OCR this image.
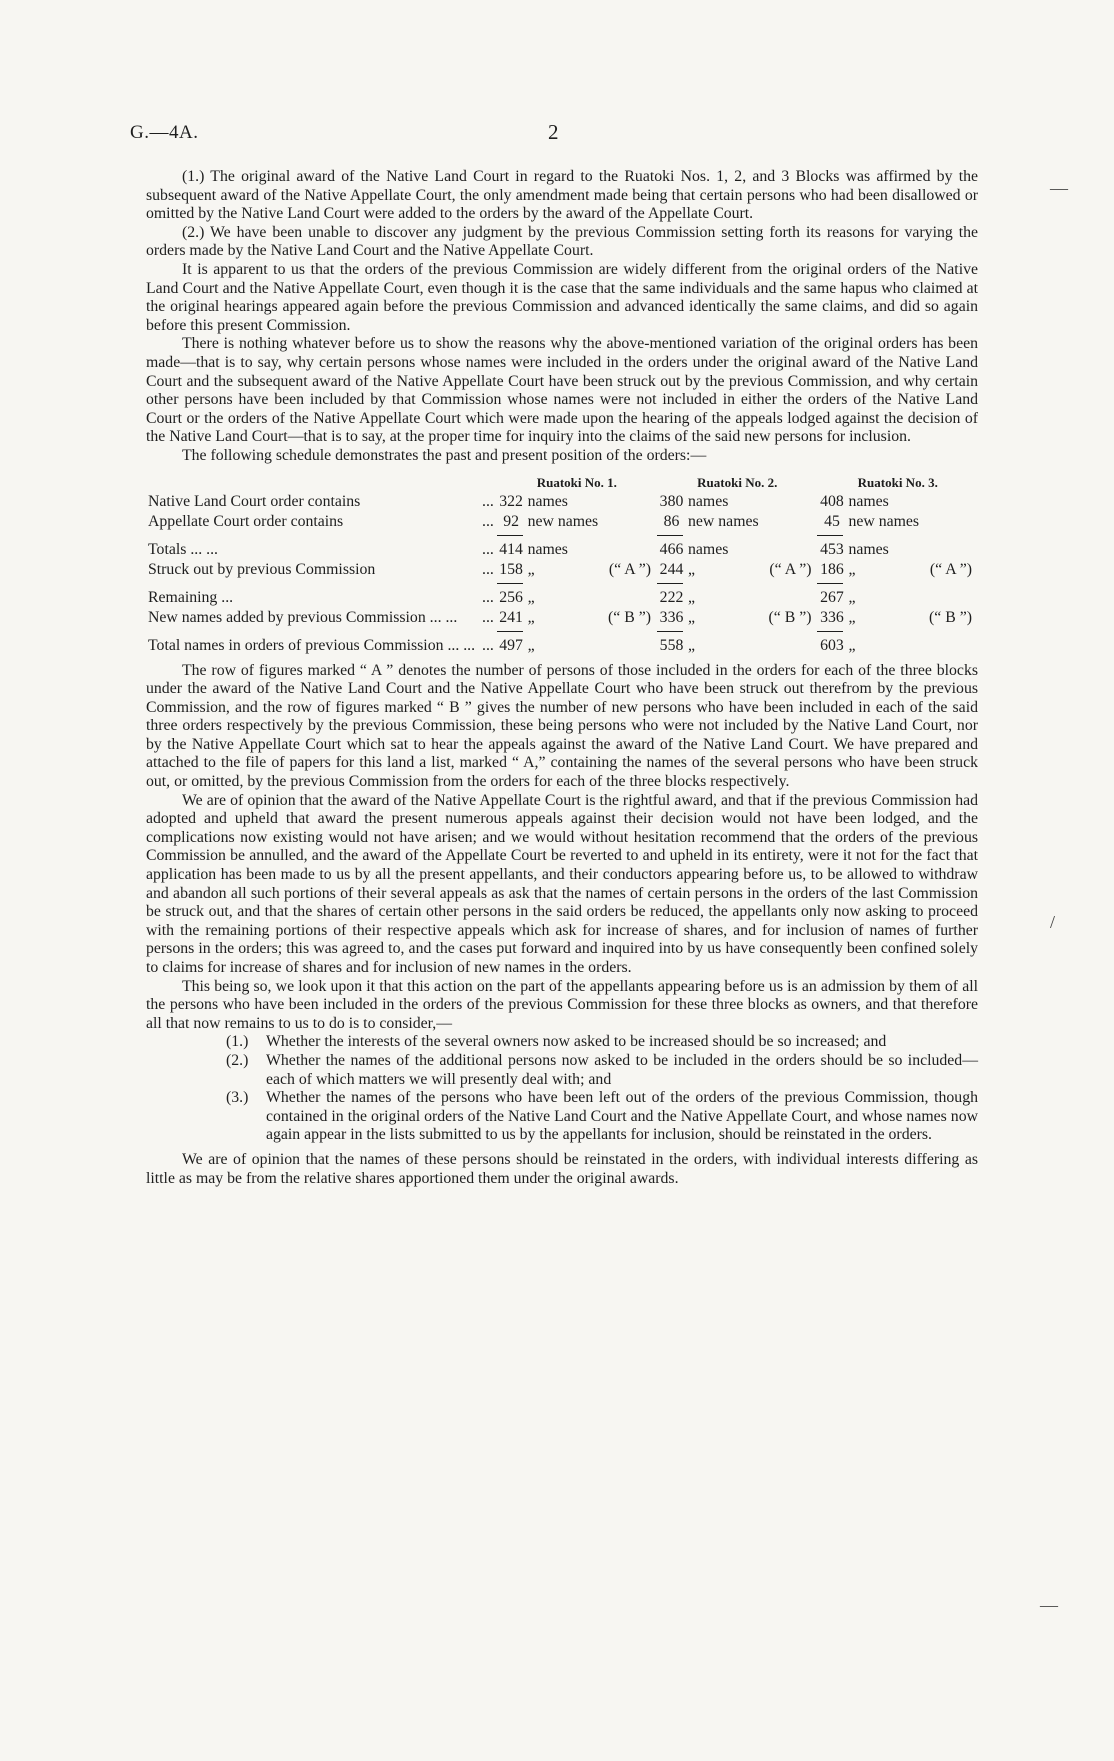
G.—4A.	2
—
/
—

(1.) The original award of the Native Land Court in regard to the Ruatoki Nos. 1, 2, and 3 Blocks was affirmed by the subsequent award of the Native Appellate Court, the only amendment made being that certain persons who had been disallowed or omitted by the Native Land Court were added to the orders by the award of the Appellate Court.

(2.) We have been unable to discover any judgment by the previous Commission setting forth its reasons for varying the orders made by the Native Land Court and the Native Appellate Court.

It is apparent to us that the orders of the previous Commission are widely different from the original orders of the Native Land Court and the Native Appellate Court, even though it is the case that the same individuals and the same hapus who claimed at the original hearings appeared again before the previous Commission and advanced identically the same claims, and did so again before this present Commission.

There is nothing whatever before us to show the reasons why the above-mentioned variation of the original orders has been made—that is to say, why certain persons whose names were included in the orders under the original award of the Native Land Court and the subsequent award of the Native Appellate Court have been struck out by the previous Commission, and why certain other persons have been included by that Commission whose names were not included in either the orders of the Native Land Court or the orders of the Native Appellate Court which were made upon the hearing of the appeals lodged against the decision of the Native Land Court—that is to say, at the proper time for inquiry into the claims of the said new persons for inclusion.

The following schedule demonstrates the past and present position of the orders:—

		Ruatoki No. 1.			Ruatoki No. 2.			Ruatoki No. 3.		
Native Land Court order contains	...	322	names		380	names		408	names	
Appellate Court order contains	...	92	new names		86	new names		45	new names	

Totals ... ...	...	414	names		466	names		453	names	
Struck out by previous Commission	...	158	„	(“ A ”)	244	„	(“ A ”)	186	„	(“ A ”)

Remaining ...	...	256	„		222	„		267	„	
New names added by previous Commission ... ...	...	241	„	(“ B ”)	336	„	(“ B ”)	336	„	(“ B ”)

Total names in orders of previous Commission ... ...	...	497	„		558	„		603	„	

The row of figures marked “ A ” denotes the number of persons of those included in the orders for each of the three blocks under the award of the Native Land Court and the Native Appellate Court who have been struck out therefrom by the previous Commission, and the row of figures marked “ B ” gives the number of new persons who have been included in each of the said three orders respectively by the previous Commission, these being persons who were not included by the Native Land Court, nor by the Native Appellate Court which sat to hear the appeals against the award of the Native Land Court. We have prepared and attached to the file of papers for this land a list, marked “ A,” containing the names of the several persons who have been struck out, or omitted, by the previous Commission from the orders for each of the three blocks respectively.

We are of opinion that the award of the Native Appellate Court is the rightful award, and that if the previous Commission had adopted and upheld that award the present numerous appeals against their decision would not have been lodged, and the complications now existing would not have arisen; and we would without hesitation recommend that the orders of the previous Commission be annulled, and the award of the Appellate Court be reverted to and upheld in its entirety, were it not for the fact that application has been made to us by all the present appellants, and their conductors appearing before us, to be allowed to withdraw and abandon all such portions of their several appeals as ask that the names of certain persons in the orders of the last Commission be struck out, and that the shares of certain other persons in the said orders be reduced, the appellants only now asking to proceed with the remaining portions of their respective appeals which ask for increase of shares, and for inclusion of names of further persons in the orders; this was agreed to, and the cases put forward and inquired into by us have consequently been confined solely to claims for increase of shares and for inclusion of new names in the orders.

This being so, we look upon it that this action on the part of the appellants appearing before us is an admission by them of all the persons who have been included in the orders of the previous Commission for these three blocks as owners, and that therefore all that now remains to us to do is to consider,—

(1.) Whether the interests of the several owners now asked to be increased should be so increased; and
(2.) Whether the names of the additional persons now asked to be included in the orders should be so included—each of which matters we will presently deal with; and
(3.) Whether the names of the persons who have been left out of the orders of the previous Commission, though contained in the original orders of the Native Land Court and the Native Appellate Court, and whose names now again appear in the lists submitted to us by the appellants for inclusion, should be reinstated in the orders.

We are of opinion that the names of these persons should be reinstated in the orders, with individual interests differing as little as may be from the relative shares apportioned them under the original awards.
